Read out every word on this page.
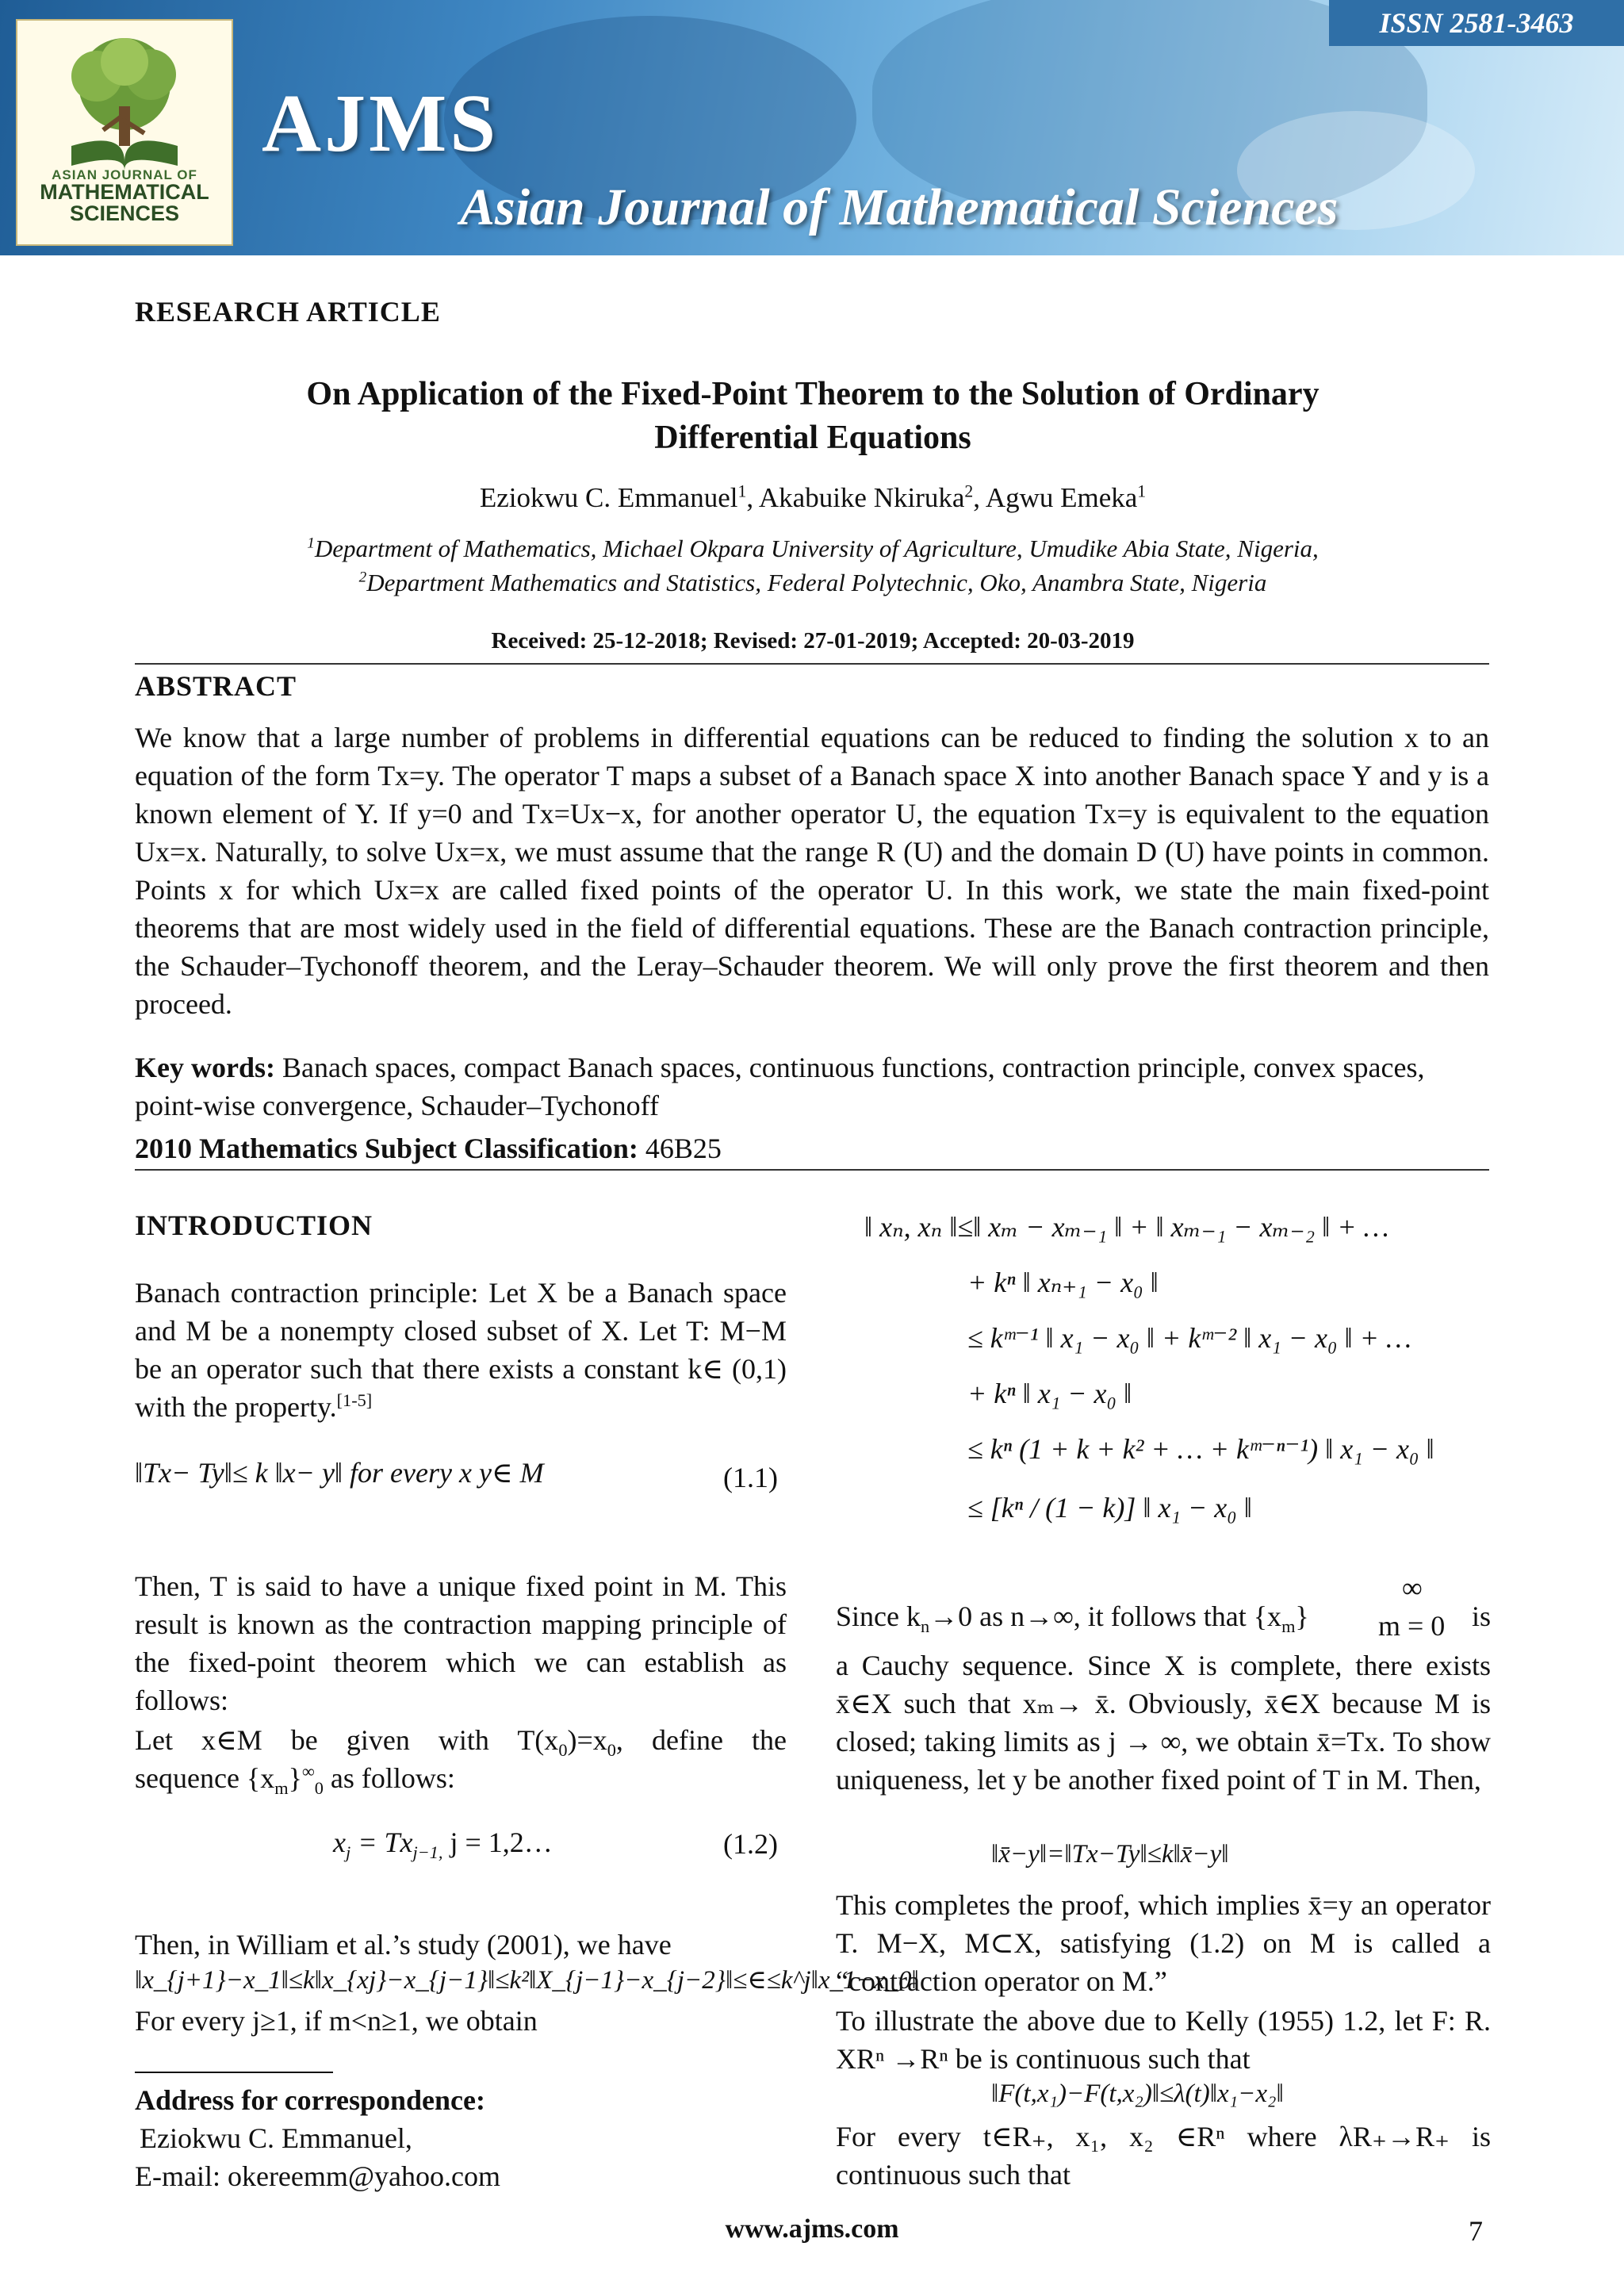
ASIAN JOURNAL OF
MATHEMATICAL
SCIENCES
AJMS
Asian Journal of Mathematical Sciences
ISSN 2581-3463
RESEARCH ARTICLE
On Application of the Fixed-Point Theorem to the Solution of Ordinary
Differential Equations
Eziokwu C. Emmanuel$^1$, Akabuike Nkiruka$^2$, Agwu Emeka$^1$
$^1$Department of Mathematics, Michael Okpara University of Agriculture, Umudike Abia State, Nigeria,
$^2$Department Mathematics and Statistics, Federal Polytechnic, Oko, Anambra State, Nigeria
Received: 25-12-2018; Revised: 27-01-2019; Accepted: 20-03-2019
ABSTRACT
We know that a large number of problems in differential equations can be reduced to finding the solution x to an equation of the form Tx=y. The operator T maps a subset of a Banach space X into another Banach space Y and y is a known element of Y. If y=0 and Tx=Ux−x, for another operator U, the equation Tx=y is equivalent to the equation Ux=x. Naturally, to solve Ux=x, we must assume that the range R (U) and the domain D (U) have points in common. Points x for which Ux=x are called fixed points of the operator U. In this work, we state the main fixed-point theorems that are most widely used in the field of differential equations. These are the Banach contraction principle, the Schauder–Tychonoff theorem, and the Leray–Schauder theorem. We will only prove the first theorem and then proceed.
Key words: Banach spaces, compact Banach spaces, continuous functions, contraction principle, convex spaces, point-wise convergence, Schauder–Tychonoff
2010 Mathematics Subject Classification: 46B25
INTRODUCTION
Banach contraction principle: Let X be a Banach space and M be a nonempty closed subset of X. Let T: M−M be an operator such that there exists a constant k∈ (0,1) with the property.[1-5]
‖Tx− Ty‖≤ k ‖x− y‖ for every x y∈ M	(1.1)
Then, T is said to have a unique fixed point in M. This result is known as the contraction mapping principle of the fixed-point theorem which we can establish as follows:
Let x∈M be given with $T(x_0)=x_0$, define the
sequence $\{x_m\}^\infty_0$ as follows:
$x_j = Tx_{j-1,}$ j = 1,2…	(1.2)
Then, in William et al.’s study (2001), we have
‖x_{j+1}−x_1‖≤k‖x_{xj}−x_{j−1}‖≤k²‖X_{j−1}−x_{j−2}‖≤∈≤k^j‖x_1−x_0‖
For every j≥1, if m<n≥1, we obtain
Address for correspondence:
Eziokwu C. Emmanuel,
E-mail: okereemm@yahoo.com
‖ xₙ, xₙ ‖≤‖ xₘ − xₘ₋₁ ‖ + ‖ xₘ₋₁ − xₘ₋₂ ‖ + …
+ kⁿ ‖ xₙ₊₁ − x₀ ‖
≤ kᵐ⁻¹ ‖ x₁ − x₀ ‖ + kᵐ⁻² ‖ x₁ − x₀ ‖ + …
+ kⁿ ‖ x₁ − x₀ ‖
≤ kⁿ (1 + k + k² + … + kᵐ⁻ⁿ⁻¹) ‖ x₁ − x₀ ‖
≤ [kⁿ / (1 − k)] ‖ x₁ − x₀ ‖
Since $k_n\to 0$ as n→∞, it follows that $\{x_m\}$
∞
m = 0 is
a Cauchy sequence. Since X is complete, there exists x̄∈X such that xₘ→ x̄. Obviously, x̄∈X because M is closed; taking limits as j → ∞, we obtain x̄=Tx. To show uniqueness, let y be another fixed point of T in M. Then,
‖x̄−y‖=‖Tx−Ty‖≤k‖x̄−y‖
This completes the proof, which implies x̄=y an operator T. M−X, M⊂X, satisfying (1.2) on M is called a “contraction operator on M.”
To illustrate the above due to Kelly (1955) 1.2, let F: R. XRⁿ →Rⁿ be is continuous such that
‖F(t,x₁)−F(t,x₂)‖≤λ(t)‖x₁−x₂‖
For every t∈R₊, x₁, x₂ ∈Rⁿ where λR₊→R₊ is continuous such that
www.ajms.com	7
